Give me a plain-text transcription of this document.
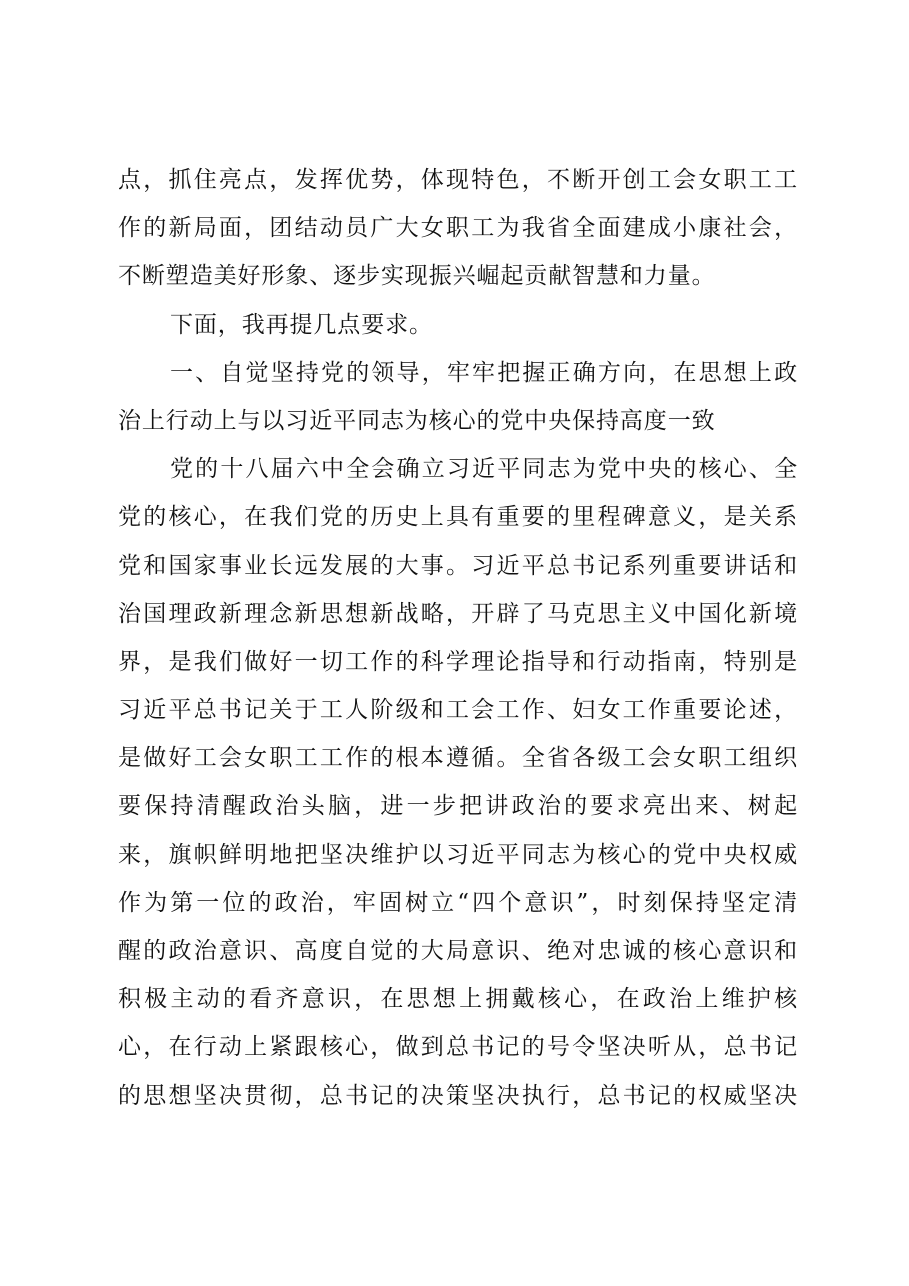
点，抓住亮点，发挥优势，体现特色，不断开创工会女职工工
作的新局面，团结动员广大女职工为我省全面建成小康社会，
不断塑造美好形象、逐步实现振兴崛起贡献智慧和力量。
下面，我再提几点要求。
一、自觉坚持党的领导，牢牢把握正确方向，在思想上政
治上行动上与以习近平同志为核心的党中央保持高度一致
党的十八届六中全会确立习近平同志为党中央的核心、全
党的核心，在我们党的历史上具有重要的里程碑意义，是关系
党和国家事业长远发展的大事。习近平总书记系列重要讲话和
治国理政新理念新思想新战略，开辟了马克思主义中国化新境
界，是我们做好一切工作的科学理论指导和行动指南，特别是
习近平总书记关于工人阶级和工会工作、妇女工作重要论述，
是做好工会女职工工作的根本遵循。全省各级工会女职工组织
要保持清醒政治头脑，进一步把讲政治的要求亮出来、树起
来，旗帜鲜明地把坚决维护以习近平同志为核心的党中央权威
作为第一位的政治，牢固树立“四个意识”，时刻保持坚定清
醒的政治意识、高度自觉的大局意识、绝对忠诚的核心意识和
积极主动的看齐意识，在思想上拥戴核心，在政治上维护核
心，在行动上紧跟核心，做到总书记的号令坚决听从，总书记
的思想坚决贯彻，总书记的决策坚决执行，总书记的权威坚决
